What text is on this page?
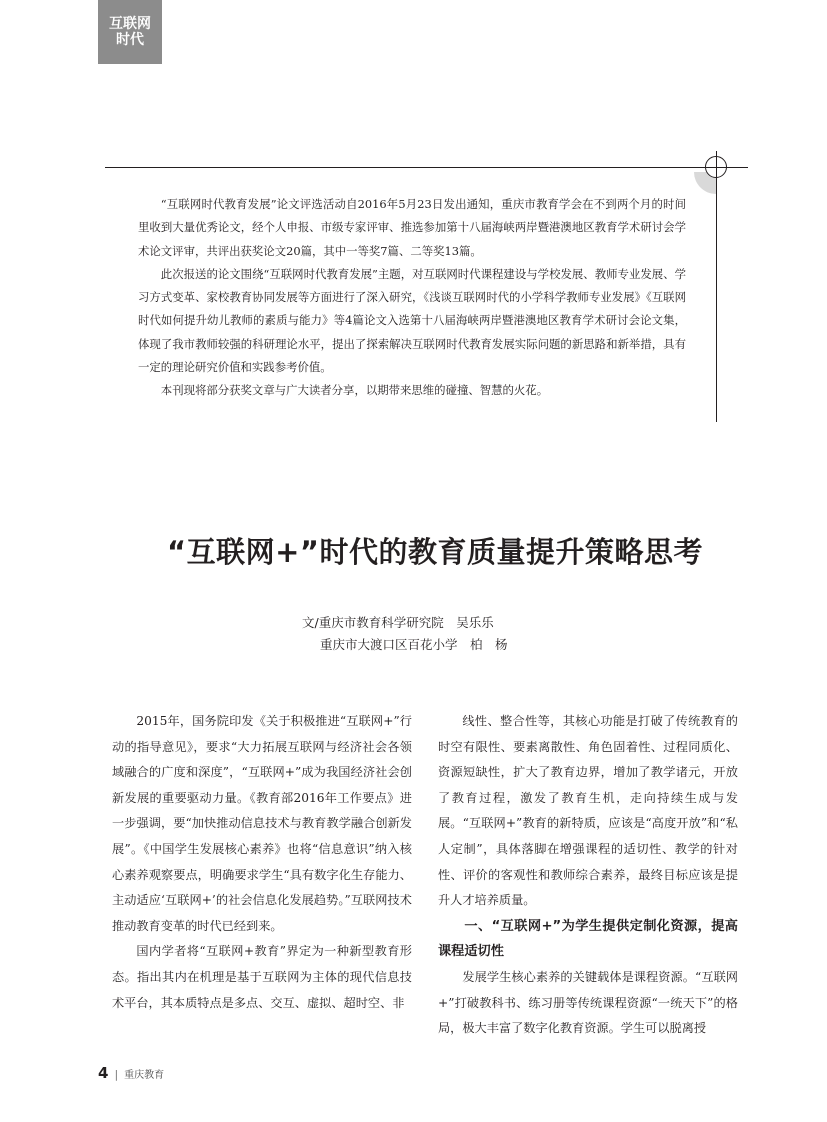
互联网
时代

“互联网时代教育发展”论文评选活动自2016年5月23日发出通知，重庆市教育学会在不到两个月的时间里收到大量优秀论文，经个人申报、市级专家评审、推选参加第十八届海峡两岸暨港澳地区教育学术研讨会学术论文评审，共评出获奖论文20篇，其中一等奖7篇、二等奖13篇。

此次报送的论文围绕“互联网时代教育发展”主题，对互联网时代课程建设与学校发展、教师专业发展、学习方式变革、家校教育协同发展等方面进行了深入研究，《浅谈互联网时代的小学科学教师专业发展》《互联网时代如何提升幼儿教师的素质与能力》等4篇论文入选第十八届海峡两岸暨港澳地区教育学术研讨会论文集，体现了我市教师较强的科研理论水平，提出了探索解决互联网时代教育发展实际问题的新思路和新举措，具有一定的理论研究价值和实践参考价值。

本刊现将部分获奖文章与广大读者分享，以期带来思维的碰撞、智慧的火花。

“互联网+”时代的教育质量提升策略思考
文/重庆市教育科学研究院　吴乐乐
重庆市大渡口区百花小学　柏　杨

2015年，国务院印发《关于积极推进“互联网+”行动的指导意见》，要求“大力拓展互联网与经济社会各领域融合的广度和深度”，“互联网+”成为我国经济社会创新发展的重要驱动力量。《教育部2016年工作要点》进一步强调，要“加快推动信息技术与教育教学融合创新发展”。《中国学生发展核心素养》也将“信息意识”纳入核心素养观察要点，明确要求学生“具有数字化生存能力、主动适应‘互联网+’的社会信息化发展趋势。”互联网技术推动教育变革的时代已经到来。

国内学者将“互联网+教育”界定为一种新型教育形态。指出其内在机理是基于互联网为主体的现代信息技术平台，其本质特点是多点、交互、虚拟、超时空、非

线性、整合性等，其核心功能是打破了传统教育的时空有限性、要素离散性、角色固着性、过程同质化、资源短缺性，扩大了教育边界，增加了教学诸元，开放了教育过程，激发了教育生机，走向持续生成与发展。“互联网+”教育的新特质，应该是“高度开放”和“私人定制”，具体落脚在增强课程的适切性、教学的针对性、评价的客观性和教师综合素养，最终目标应该是提升人才培养质量。

一、“互联网+”为学生提供定制化资源，提高课程适切性

发展学生核心素养的关键载体是课程资源。“互联网+”打破教科书、练习册等传统课程资源“一统天下”的格局，极大丰富了数字化教育资源。学生可以脱离授

4 | 重庆教育
